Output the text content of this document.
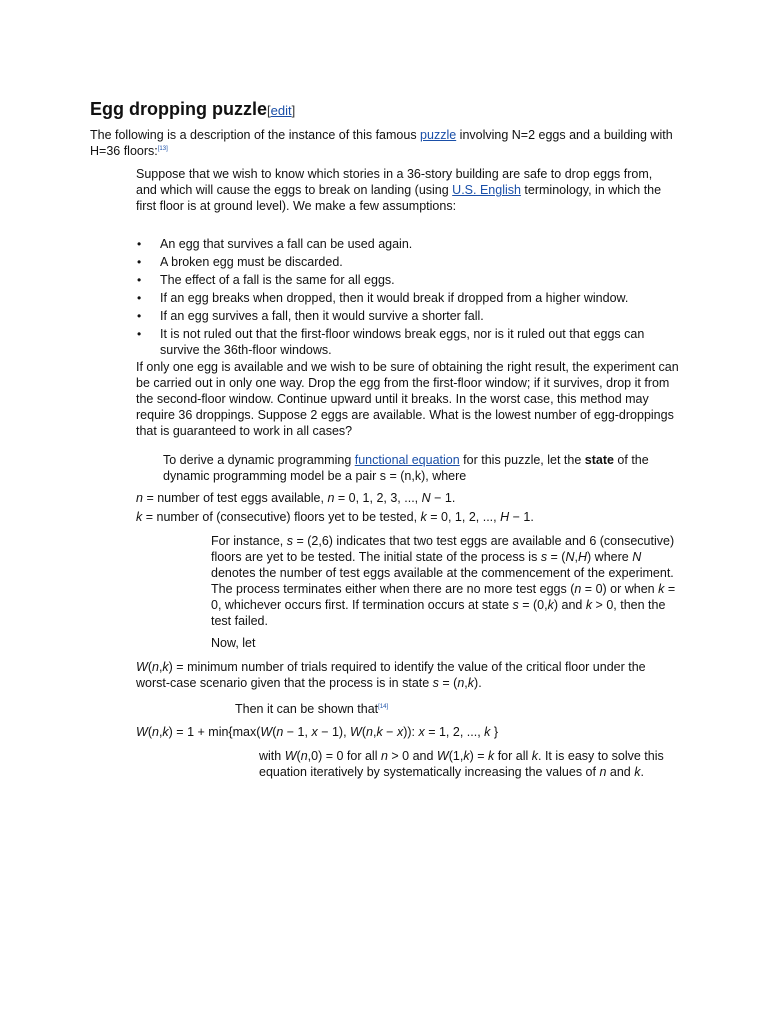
Egg dropping puzzle[edit]

The following is a description of the instance of this famous puzzle involving N=2 eggs and a building with H=36 floors:[13]

Suppose that we wish to know which stories in a 36-story building are safe to drop eggs from, and which will cause the eggs to break on landing (using U.S. English terminology, in which the first floor is at ground level). We make a few assumptions:

• An egg that survives a fall can be used again.
• A broken egg must be discarded.
• The effect of a fall is the same for all eggs.
• If an egg breaks when dropped, then it would break if dropped from a higher window.
• If an egg survives a fall, then it would survive a shorter fall.
• It is not ruled out that the first-floor windows break eggs, nor is it ruled out that eggs can survive the 36th-floor windows.

If only one egg is available and we wish to be sure of obtaining the right result, the experiment can be carried out in only one way. Drop the egg from the first-floor window; if it survives, drop it from the second-floor window. Continue upward until it breaks. In the worst case, this method may require 36 droppings. Suppose 2 eggs are available. What is the lowest number of egg-droppings that is guaranteed to work in all cases?

To derive a dynamic programming functional equation for this puzzle, let the state of the dynamic programming model be a pair s = (n,k), where

n = number of test eggs available, n = 0, 1, 2, 3, ..., N − 1.

k = number of (consecutive) floors yet to be tested, k = 0, 1, 2, ..., H − 1.

For instance, s = (2,6) indicates that two test eggs are available and 6 (consecutive) floors are yet to be tested. The initial state of the process is s = (N,H) where N denotes the number of test eggs available at the commencement of the experiment. The process terminates either when there are no more test eggs (n = 0) or when k = 0, whichever occurs first. If termination occurs at state s = (0,k) and k > 0, then the test failed.

Now, let

W(n,k) = minimum number of trials required to identify the value of the critical floor under the worst-case scenario given that the process is in state s = (n,k).

Then it can be shown that[14]

W(n,k) = 1 + min{max(W(n − 1, x − 1), W(n,k − x)): x = 1, 2, ..., k }

with W(n,0) = 0 for all n > 0 and W(1,k) = k for all k. It is easy to solve this equation iteratively by systematically increasing the values of n and k.
